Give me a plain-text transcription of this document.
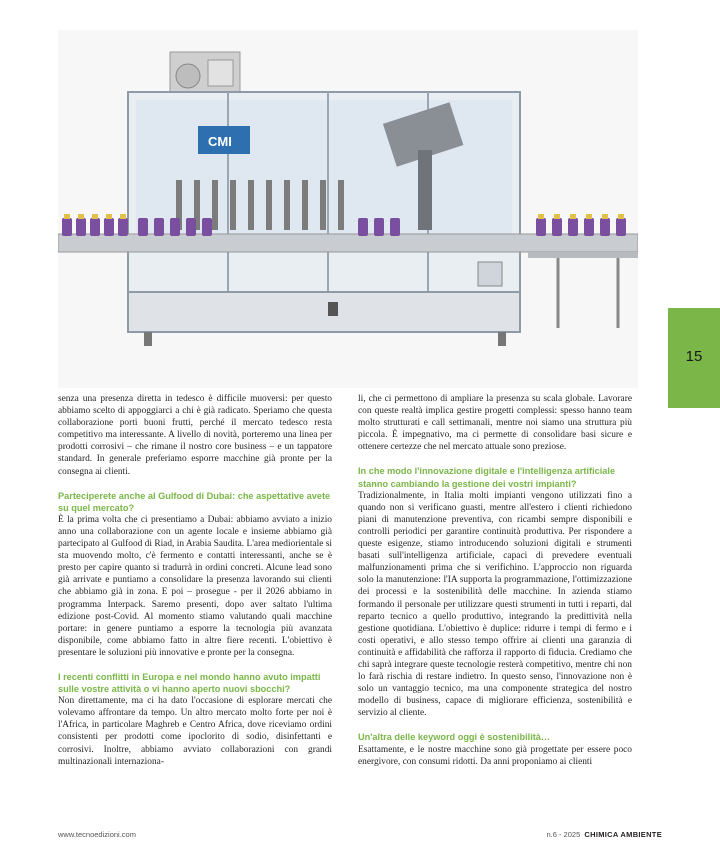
CMI
15

senza una presenza diretta in tedesco è difficile muoversi: per questo abbiamo scelto di appoggiarci a chi è già radicato. Speriamo che questa collaborazione porti buoni frutti, perché il mercato tedesco resta competitivo ma interessante. A livello di novità, porteremo una linea per prodotti corrosivi – che rimane il nostro core business – e un tappatore standard. In generale preferiamo esporre macchine già pronte per la consegna ai clienti.

Parteciperete anche al Gulfood di Dubai: che aspettative avete su quel mercato?

È la prima volta che ci presentiamo a Dubai: abbiamo avviato a inizio anno una collaborazione con un agente locale e insieme abbiamo già partecipato al Gulfood di Riad, in Arabia Saudita. L'area mediorientale si sta muovendo molto, c'è fermento e contatti interessanti, anche se è presto per capire quanto si tradurrà in ordini concreti. Alcune lead sono già arrivate e puntiamo a consolidare la presenza lavorando sui clienti che abbiamo già in zona. E poi – prosegue - per il 2026 abbiamo in programma Interpack. Saremo presenti, dopo aver saltato l'ultima edizione post-Covid. Al momento stiamo valutando quali macchine portare: in genere puntiamo a esporre la tecnologia più avanzata disponibile, come abbiamo fatto in altre fiere recenti. L'obiettivo è presentare le soluzioni più innovative e pronte per la consegna.

I recenti conflitti in Europa e nel mondo hanno avuto impatti sulle vostre attività o vi hanno aperto nuovi sbocchi?

Non direttamente, ma ci ha dato l'occasione di esplorare mercati che volevamo affrontare da tempo. Un altro mercato molto forte per noi è l'Africa, in particolare Maghreb e Centro Africa, dove riceviamo ordini consistenti per prodotti come ipoclorito di sodio, disinfettanti e corrosivi. Inoltre, abbiamo avviato collaborazioni con grandi multinazionali internaziona-

li, che ci permettono di ampliare la presenza su scala globale. Lavorare con queste realtà implica gestire progetti complessi: spesso hanno team molto strutturati e call settimanali, mentre noi siamo una struttura più piccola. È impegnativo, ma ci permette di consolidare basi sicure e ottenere certezze che nel mercato attuale sono preziose.

In che modo l'innovazione digitale e l'intelligenza artificiale stanno cambiando la gestione dei vostri impianti?

Tradizionalmente, in Italia molti impianti vengono utilizzati fino a quando non si verificano guasti, mentre all'estero i clienti richiedono piani di manutenzione preventiva, con ricambi sempre disponibili e controlli periodici per garantire continuità produttiva. Per rispondere a queste esigenze, stiamo introducendo soluzioni digitali e strumenti basati sull'intelligenza artificiale, capaci di prevedere eventuali malfunzionamenti prima che si verifichino. L'approccio non riguarda solo la manutenzione: l'IA supporta la programmazione, l'ottimizzazione dei processi e la sostenibilità delle macchine. In azienda stiamo formando il personale per utilizzare questi strumenti in tutti i reparti, dal reparto tecnico a quello produttivo, integrando la predittività nella gestione quotidiana. L'obiettivo è duplice: ridurre i tempi di fermo e i costi operativi, e allo stesso tempo offrire ai clienti una garanzia di continuità e affidabilità che rafforza il rapporto di fiducia. Crediamo che chi saprà integrare queste tecnologie resterà competitivo, mentre chi non lo farà rischia di restare indietro. In questo senso, l'innovazione non è solo un vantaggio tecnico, ma una componente strategica del nostro modello di business, capace di migliorare efficienza, sostenibilità e servizio al cliente.

Un'altra delle keyword oggi è sostenibilità…

Esattamente, e le nostre macchine sono già progettate per essere poco energivore, con consumi ridotti. Da anni proponiamo ai clienti

www.tecnoedizioni.com	n.6 - 2025 CHIMICA AMBIENTE
